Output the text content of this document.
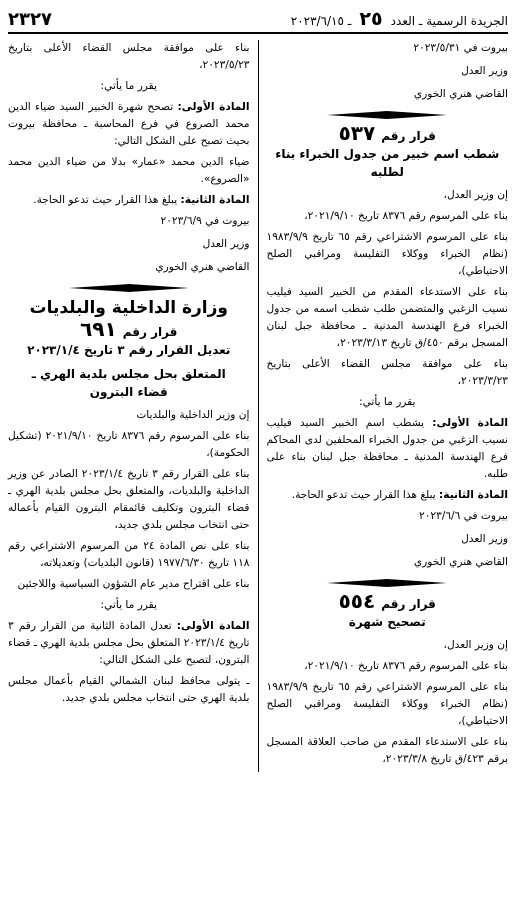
الجريدة الرسمية ـ العدد ٢٥ ـ ٢٠٢٣/٦/١٥
٢٣٢٧

بيروت في ٢٠٢٣/٥/٣١

وزير العدل

القاضي هنري الخوري

قرار رقم
٥٣٧
شطب اسم خبير من جدول الخبراء بناء لطلبه

إن وزير العدل،

بناء على المرسوم رقم ٨٣٧٦ تاريخ ٢٠٢١/٩/١٠،

بناء على المرسوم الاشتراعي رقم ٦٥ تاريخ ١٩٨٣/٩/٩ (نظام الخبراء ووكلاء التفليسة ومراقبي الصلح الاحتياطي)،

بناء على الاستدعاء المقدم من الخبير السيد فيليب نسيب الزغبي والمتضمن طلب شطب اسمه من جدول الخبراء فرع الهندسة المدنية ـ محافظة جبل لبنان المسجل برقم ٤٥٠/ق تاريخ ٢٠٢٣/٣/١٣،

بناء على موافقة مجلس القضاء الأعلى بتاريخ ٢٠٢٣/٣/٢٣،

يقرر ما يأتي:

المادة الأولى: يشطب اسم الخبير السيد فيليب نسيب الزغبي من جدول الخبراء المحلفين لدى المحاكم فرع الهندسة المدنية ـ محافظة جبل لبنان بناء على طلبه.

المادة الثانية: يبلغ هذا القرار حيث تدعو الحاجة.

بيروت في ٢٠٢٣/٦/٦

وزير العدل

القاضي هنري الخوري

قرار رقم
٥٥٤
تصحيح شهرة

إن وزير العدل،

بناء على المرسوم رقم ٨٣٧٦ تاريخ ٢٠٢١/٩/١٠،

بناء على المرسوم الاشتراعي رقم ٦٥ تاريخ ١٩٨٣/٩/٩ (نظام الخبراء ووكلاء التفليسة ومراقبي الصلح الاحتياطي)،

بناء على الاستدعاء المقدم من صاحب العلاقة المسجل برقم ٤٢٣/ق تاريخ ٢٠٢٣/٣/٨،

بناء على موافقة مجلس القضاء الأعلى بتاريخ ٢٠٢٣/٥/٢٣،

يقرر ما يأتي:

المادة الأولى: تصحح شهرة الخبير السيد ضياء الدين محمد الصروع في فرع المحاسبة ـ محافظة بيروت بحيث تصبح على الشكل التالي:

ضياء الدين محمد «عمار» بدلا من ضياء الدين محمد «الصروع».

المادة الثانية: يبلغ هذا القرار حيث تدعو الحاجة.

بيروت في ٢٠٢٣/٦/٩

وزير العدل

القاضي هنري الخوري

وزارة الداخلية والبلديات
قرار رقم
٦٩١
تعديل القرار رقم ٣ تاريخ ٢٠٢٣/١/٤
المتعلق بحل مجلس بلدية الهري ـ
قضاء البترون

إن وزير الداخلية والبلديات

بناء على المرسوم رقم ٨٣٧٦ تاريخ ٢٠٢١/٩/١٠ (تشكيل الحكومة)،

بناء على القرار رقم ٣ تاريخ ٢٠٢٣/١/٤ الصادر عن وزير الداخلية والبلديات، والمتعلق بحل مجلس بلدية الهري ـ قضاء البترون وتكليف قائمقام البترون القيام بأعماله حتى انتخاب مجلس بلدي جديد،

بناء على نص المادة ٢٤ من المرسوم الاشتراعي رقم ١١٨ تاريخ ١٩٧٧/٦/٣٠ (قانون البلديات) وتعديلاته،

بناء على اقتراح مدير عام الشؤون السياسية واللاجئين

يقرر ما يأتي:

المادة الأولى: تعدل المادة الثانية من القرار رقم ٣ تاريخ ٢٠٢٣/١/٤ المتعلق بحل مجلس بلدية الهري ـ قضاء البترون، لتصبح على الشكل التالي:

ـ يتولى محافظ لبنان الشمالي القيام بأعمال مجلس بلدية الهري حتى انتخاب مجلس بلدي جديد.
